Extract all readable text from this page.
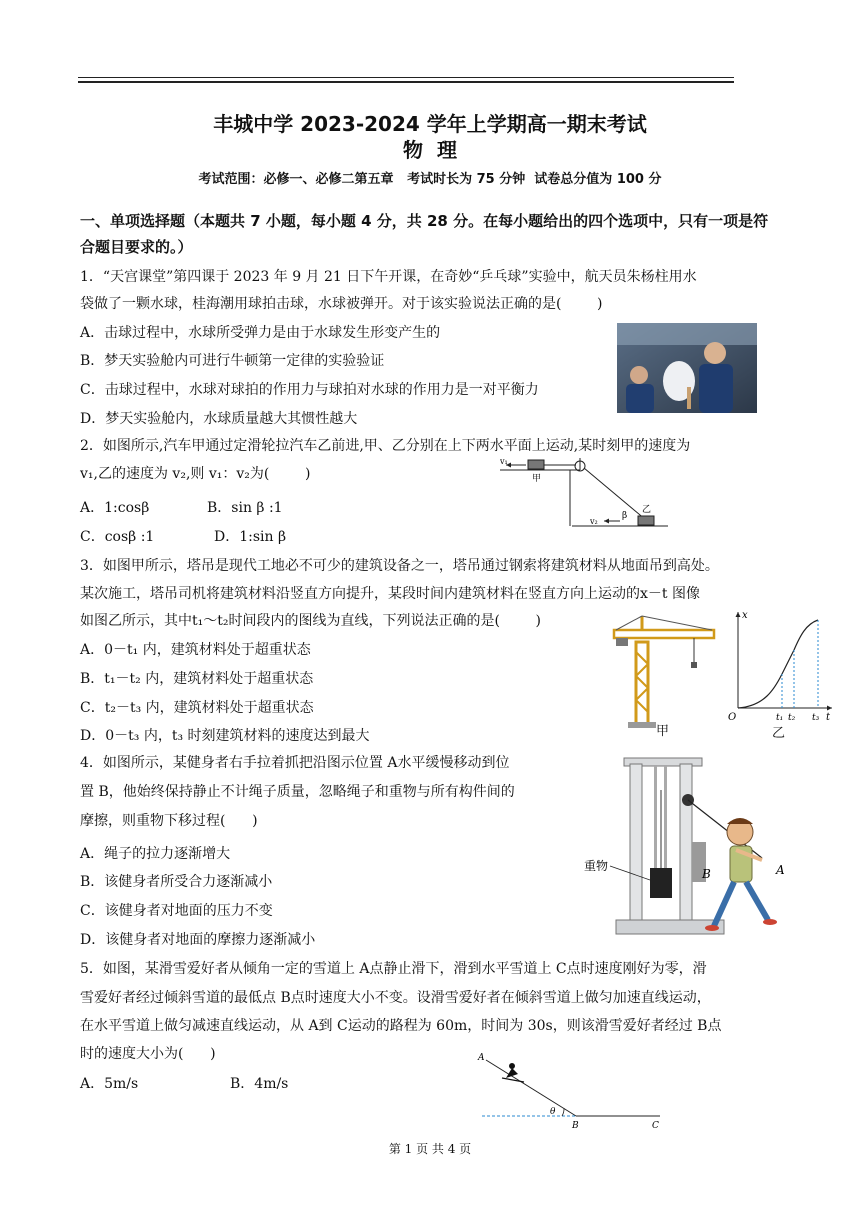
丰城中学 2023-2024 学年上学期高一期末考试
物  理
考试范围：必修一、必修二第五章   考试时长为 75 分钟  试卷总分值为 100 分
一、单项选择题（本题共 7 小题，每小题 4 分，共 28 分。在每小题给出的四个选项中，只有一项是符
合题目要求的。）
1．“天宫课堂”第四课于 2023 年 9 月 21 日下午开课，在奇妙“乒乓球”实验中，航天员朱杨柱用水
袋做了一颗水球，桂海潮用球拍击球，水球被弹开。对于该实验说法正确的是(        )
A．击球过程中，水球所受弹力是由于水球发生形变产生的
B．梦天实验舱内可进行牛顿第一定律的实验验证
C．击球过程中，水球对球拍的作用力与球拍对水球的作用力是一对平衡力
D．梦天实验舱内，水球质量越大其惯性越大
2．如图所示,汽车甲通过定滑轮拉汽车乙前进,甲、乙分别在上下两水平面上运动,某时刻甲的速度为
v₁,乙的速度为 v₂,则 v₁：v₂为(        )
A．1:cosβ	B．sin β :1
C．cosβ :1	D．1:sin β
v₁
甲
v₂
β
乙
3．如图甲所示，塔吊是现代工地必不可少的建筑设备之一，塔吊通过钢索将建筑材料从地面吊到高处。
某次施工，塔吊司机将建筑材料沿竖直方向提升，某段时间内建筑材料在竖直方向上运动的x－t 图像
如图乙所示，其中t₁～t₂时间段内的图线为直线，下列说法正确的是(        )
A．0－t₁ 内，建筑材料处于超重状态
B．t₁－t₂ 内，建筑材料处于超重状态
C．t₂－t₃ 内，建筑材料处于超重状态
D．0－t₃ 内，t₃ 时刻建筑材料的速度达到最大	甲
x
t
O	t₁ t₂ t₃
乙
4．如图所示，某健身者右手拉着抓把沿图示位置 A水平缓慢移动到位
置 B，他始终保持静止不计绳子质量，忽略绳子和重物与所有构件间的
摩擦，则重物下移过程(      )
A．绳子的拉力逐渐增大
B．该健身者所受合力逐渐减小
C．该健身者对地面的压力不变
D．该健身者对地面的摩擦力逐渐减小
重物
B	A
5．如图，某滑雪爱好者从倾角一定的雪道上 A点静止滑下，滑到水平雪道上 C点时速度刚好为零，滑
雪爱好者经过倾斜雪道的最低点 B点时速度大小不变。设滑雪爱好者在倾斜雪道上做匀加速直线运动，
在水平雪道上做匀减速直线运动，从 A到 C运动的路程为 60m，时间为 30s，则该滑雪爱好者经过 B点
时的速度大小为(      )
A．5m/s	B．4m/s
A
θ
B	C
第 1 页 共 4 页
